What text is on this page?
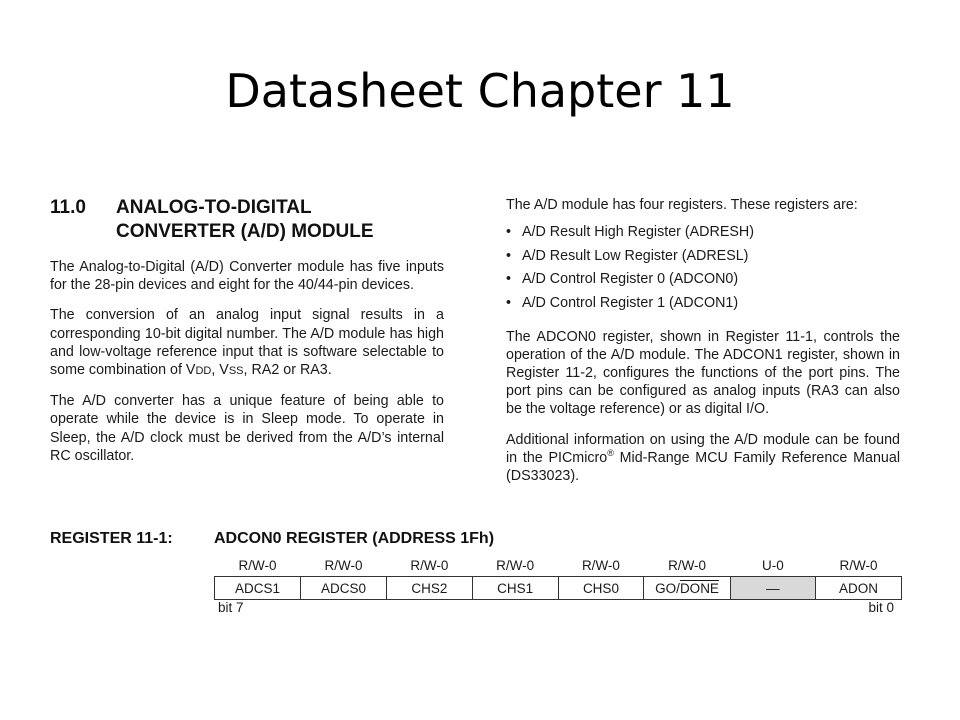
Datasheet Chapter 11
11.0	ANALOG-TO-DIGITAL
CONVERTER (A/D) MODULE

The Analog-to-Digital (A/D) Converter module has five inputs for the 28-pin devices and eight for the 40/44-pin devices.

The conversion of an analog input signal results in a corresponding 10-bit digital number. The A/D module has high and low-voltage reference input that is software selectable to some combination of VDD, VSS, RA2 or RA3.

The A/D converter has a unique feature of being able to operate while the device is in Sleep mode. To operate in Sleep, the A/D clock must be derived from the A/D’s internal RC oscillator.

The A/D module has four registers. These registers are:

• A/D Result High Register (ADRESH)
• A/D Result Low Register (ADRESL)
• A/D Control Register 0 (ADCON0)
• A/D Control Register 1 (ADCON1)

The ADCON0 register, shown in Register 11-1, controls the operation of the A/D module. The ADCON1 register, shown in Register 11-2, configures the functions of the port pins. The port pins can be configured as analog inputs (RA3 can also be the voltage reference) or as digital I/O.

Additional information on using the A/D module can be found in the PICmicro® Mid-Range MCU Family Reference Manual (DS33023).

REGISTER 11-1:	ADCON0 REGISTER (ADDRESS 1Fh)
R/W-0	R/W-0	R/W-0	R/W-0	R/W-0	R/W-0	U-0	R/W-0
ADCS1	ADCS0	CHS2	CHS1	CHS0	GO/DONE	—	ADON
bit 7	bit 0
